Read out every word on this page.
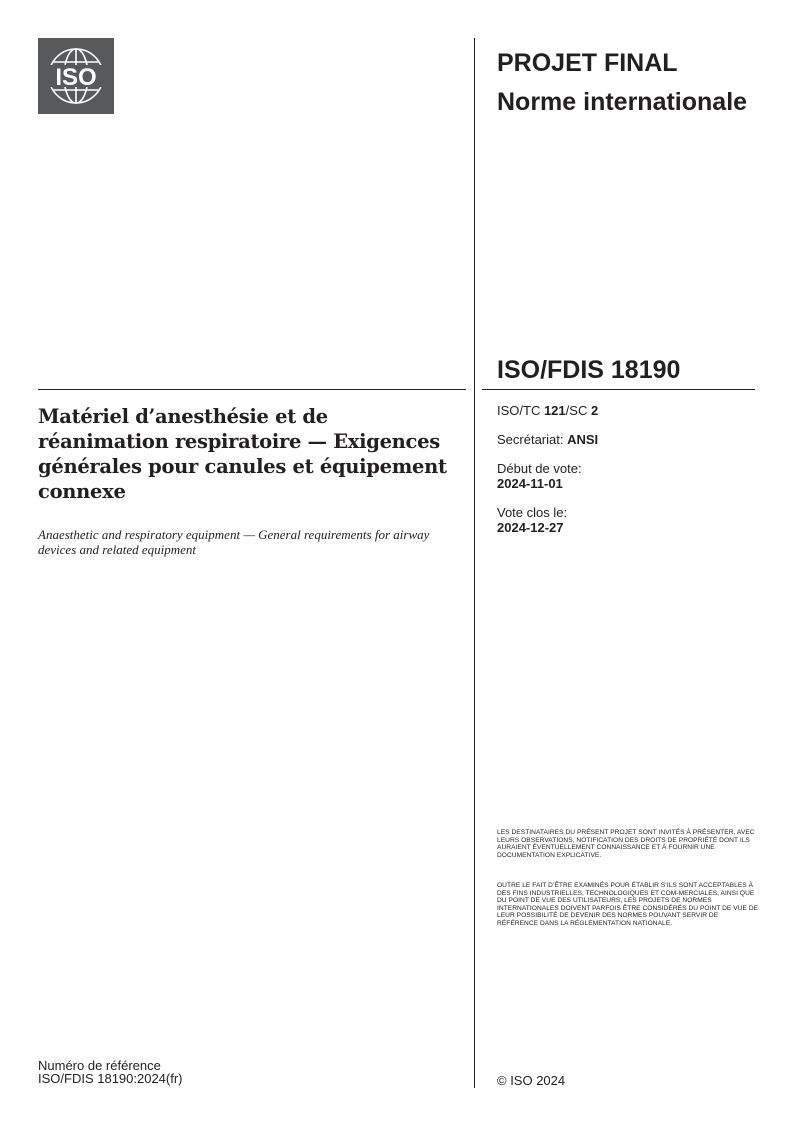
ISO
PROJET FINAL
Norme internationale
ISO/FDIS 18190
ISO/TC 121/SC 2
Secrétariat: ANSI
Début de vote:
2024-11-01
Vote clos le:
2024-12-27
Matériel d’anesthésie et de réanimation respiratoire — Exigences générales pour canules et équipement connexe
Anaesthetic and respiratory equipment — General requirements for airway devices and related equipment
LES DESTINATAIRES DU PRÉSENT PROJET SONT INVITÉS À PRÉSENTER, AVEC LEURS OBSERVATIONS, NOTIFICATION DES DROITS DE PROPRIÉTÉ DONT ILS AURAIENT ÉVENTUELLEMENT CONNAISSANCE ET À FOURNIR UNE DOCUMENTATION EXPLICATIVE.
OUTRE LE FAIT D’ÊTRE EXAMINÉS POUR ÉTABLIR S’ILS SONT ACCEPTABLES À DES FINS INDUSTRIELLES, TECHNOLOGIQUES ET COM-MERCIALES, AINSI QUE DU POINT DE VUE DES UTILISATEURS, LES PROJETS DE NORMES INTERNATIONALES DOIVENT PARFOIS ÊTRE CONSIDÉRÉS DU POINT DE VUE DE LEUR POSSIBILITÉ DE DEVENIR DES NORMES POUVANT SERVIR DE RÉFÉRENCE DANS LA RÉGLEMENTATION NATIONALE.
Numéro de référence
ISO/FDIS 18190:2024(fr)	© ISO 2024
